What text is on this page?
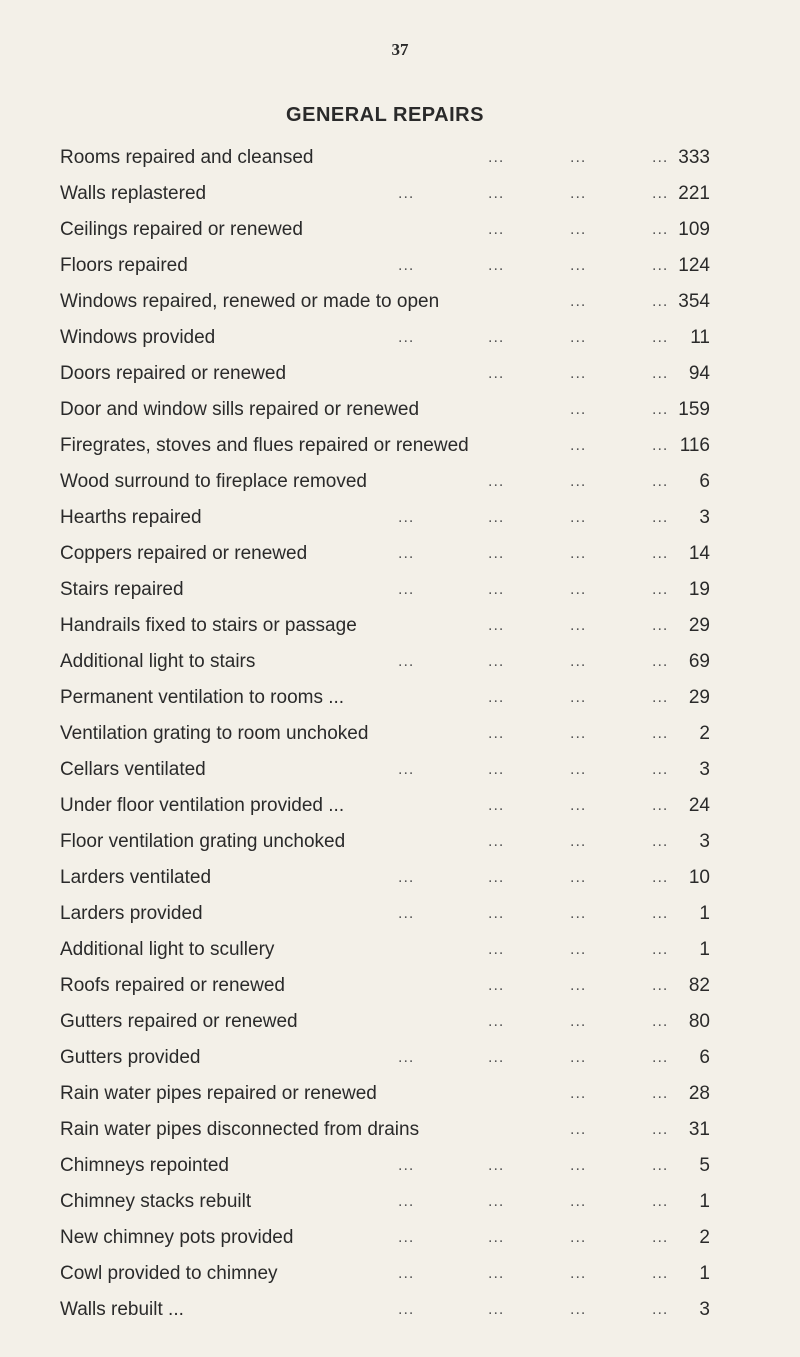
37
GENERAL REPAIRS
Rooms repaired and cleansed	...	...	... 333
Walls replastered	...	...	...	... 221
Ceilings repaired or renewed	...	...	... 109
Floors repaired	...	...	...	... 124
Windows repaired, renewed or made to open	...	... 354
Windows provided	...	...	...	... 11
Doors repaired or renewed	...	...	... 94
Door and window sills repaired or renewed	...	... 159
Firegrates, stoves and flues repaired or renewed	...	... 116
Wood surround to fireplace removed	...	...	... 6
Hearths repaired	...	...	...	... 3
Coppers repaired or renewed	...	...	...	... 14
Stairs repaired	...	...	...	... 19
Handrails fixed to stairs or passage	...	...	... 29
Additional light to stairs	...	...	...	... 69
Permanent ventilation to rooms ...	...	...	... 29
Ventilation grating to room unchoked	...	...	... 2
Cellars ventilated	...	...	...	... 3
Under floor ventilation provided ...	...	...	... 24
Floor ventilation grating unchoked	...	...	... 3
Larders ventilated	...	...	...	... 10
Larders provided	...	...	...	... 1
Additional light to scullery	...	...	... 1
Roofs repaired or renewed	...	...	... 82
Gutters repaired or renewed	...	...	... 80
Gutters provided	...	...	...	... 6
Rain water pipes repaired or renewed	...	... 28
Rain water pipes disconnected from drains	...	... 31
Chimneys repointed	...	...	...	... 5
Chimney stacks rebuilt	...	...	...	... 1
New chimney pots provided	...	...	...	... 2
Cowl provided to chimney	...	...	...	... 1
Walls rebuilt ...	...	...	...	... 3
